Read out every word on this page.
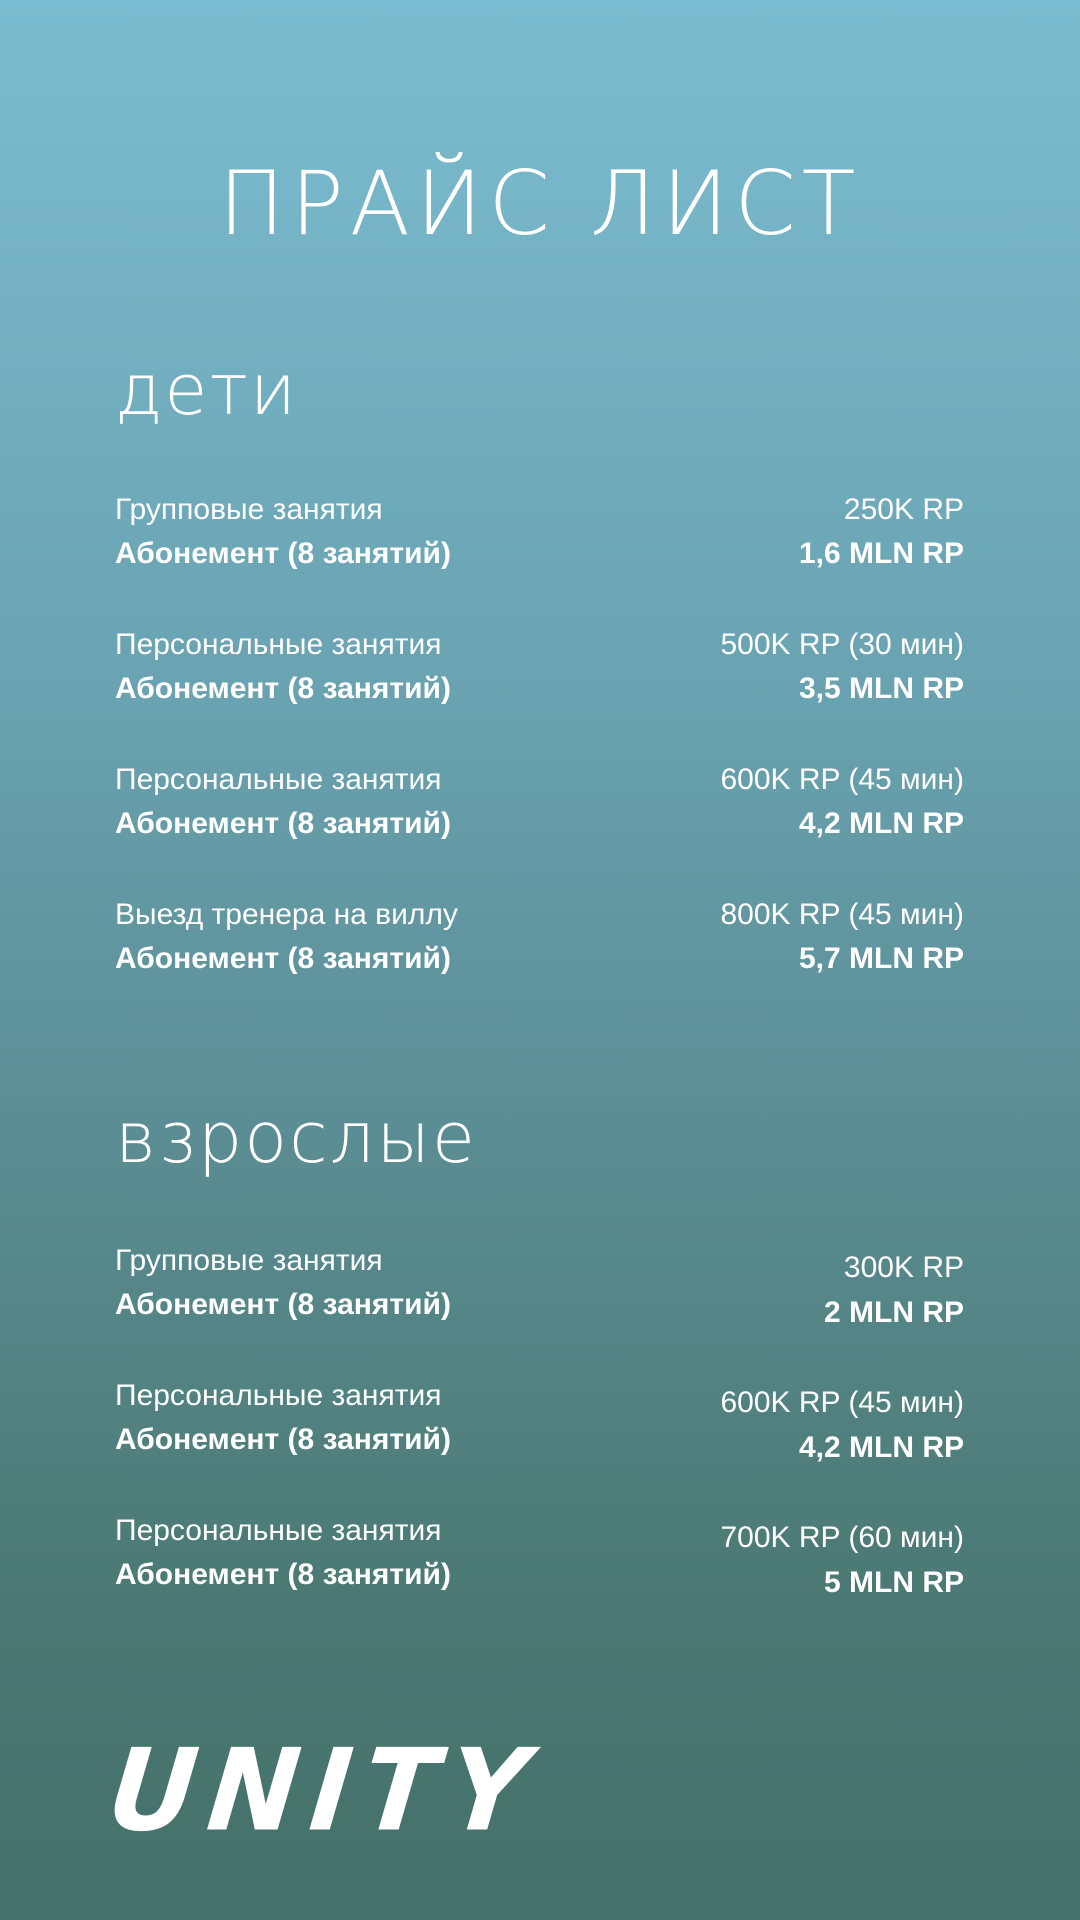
ПРАЙС ЛИСТ
дети
Групповые занятия	250K RP
Абонемент (8 занятий)	1,6 MLN RP
Персональные занятия	500K RP (30 мин)
Абонемент (8 занятий)	3,5 MLN RP
Персональные занятия	600K RP (45 мин)
Абонемент (8 занятий)	4,2 MLN RP
Выезд тренера на виллу	800K RP (45 мин)
Абонемент (8 занятий)	5,7 MLN RP
взрослые
Групповые занятия	300K RP
Абонемент (8 занятий)	2 MLN RP
Персональные занятия	600K RP (45 мин)
Абонемент (8 занятий)	4,2 MLN RP
Персональные занятия	700K RP (60 мин)
Абонемент (8 занятий)	5 MLN RP
UNITY
